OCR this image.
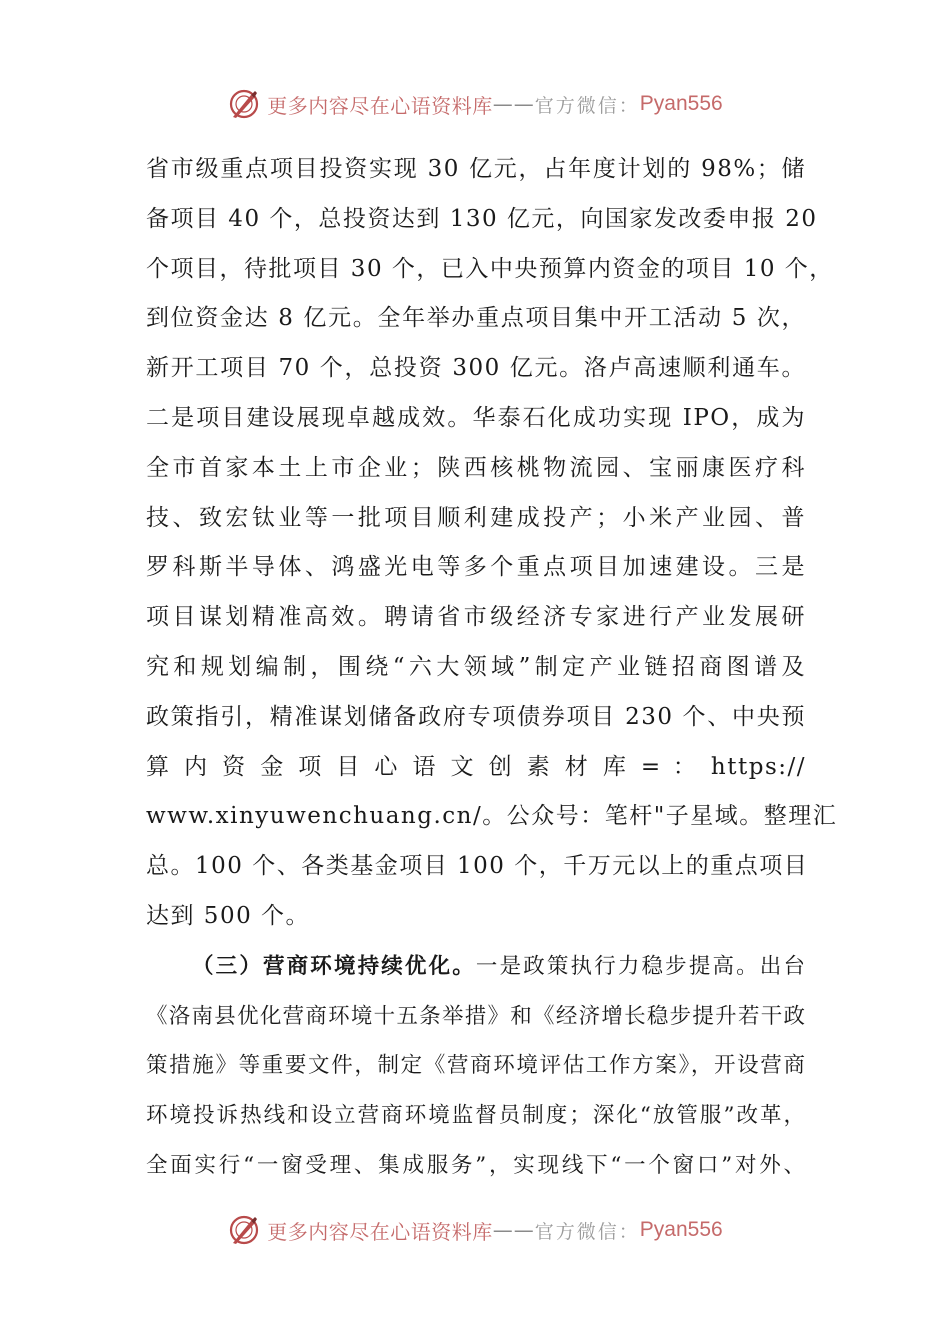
更多内容尽在心语资料库 —— 官方微信： Pyan556
省市级重点项目投资实现 30 亿元，占年度计划的 98%；储
备项目 40 个，总投资达到 130 亿元，向国家发改委申报 20
个项目，待批项目 30 个，已入中央预算内资金的项目 10 个，
到位资金达 8 亿元。全年举办重点项目集中开工活动 5 次，
新开工项目 70 个，总投资 300 亿元。洛卢高速顺利通车。
二是项目建设展现卓越成效。华泰石化成功实现 IPO，成为
全市首家本土上市企业；陕西核桃物流园、宝丽康医疗科
技、致宏钛业等一批项目顺利建成投产；小米产业园、普
罗科斯半导体、鸿盛光电等多个重点项目加速建设。三是
项目谋划精准高效。聘请省市级经济专家进行产业发展研
究和规划编制，围绕“六大领域”制定产业链招商图谱及
政策指引，精准谋划储备政府专项债券项目 230 个、中央预
算 内 资 金 项 目 心 语 文 创 素 材 库 = ： https://
www.xinyuwenchuang.cn/。公众号：笔杆"子星域。整理汇
总。100 个、各类基金项目 100 个，千万元以上的重点项目
达到 500 个。
（三）营商环境持续优化。一是政策执行力稳步提高。出台
《洛南县优化营商环境十五条举措》和《经济增长稳步提升若干政
策措施》等重要文件，制定《营商环境评估工作方案》，开设营商
环境投诉热线和设立营商环境监督员制度；深化“放管服”改革，
全面实行“一窗受理、集成服务”，实现线下“一个窗口”对外、
更多内容尽在心语资料库 —— 官方微信： Pyan556
